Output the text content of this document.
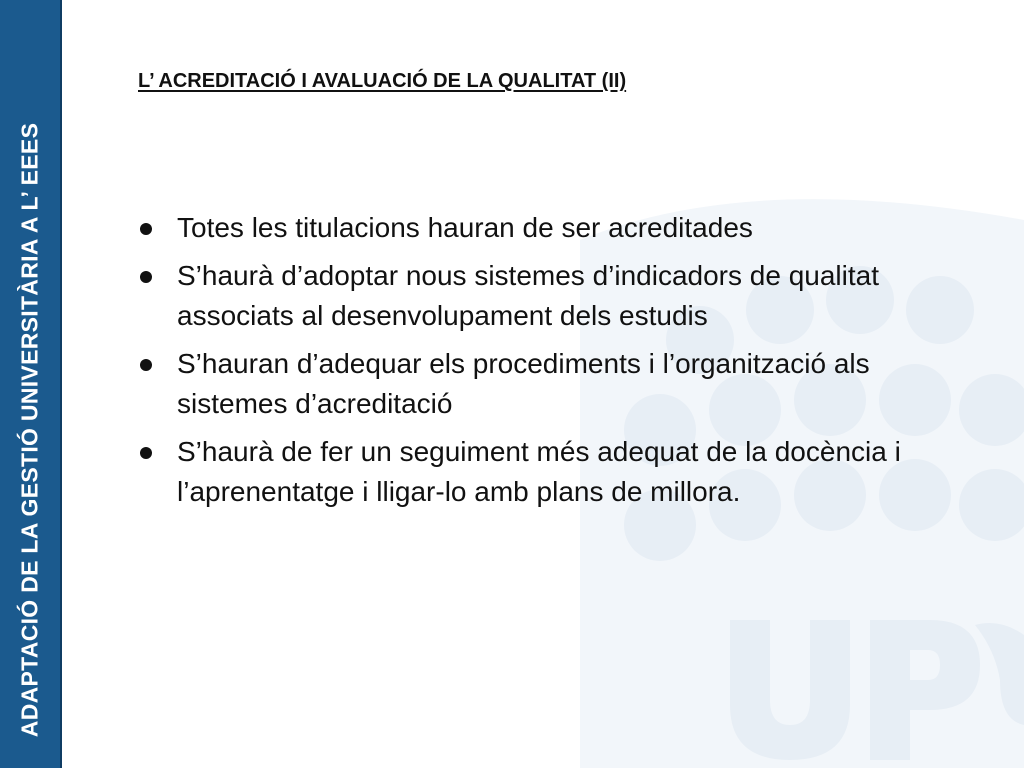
ADAPTACIÓ DE LA GESTIÓ UNIVERSITÀRIA A L’ EEES
L’ ACREDITACIÓ I AVALUACIÓ DE LA QUALITAT (II)
Totes les titulacions hauran de ser acreditades
S’haurà d’adoptar nous sistemes d’indicadors de qualitat associats al desenvolupament dels estudis
S’hauran d’adequar els procediments i l’organització als sistemes d’acreditació
S’haurà de fer un seguiment més adequat de la docència i l’aprenentatge i lligar-lo amb plans de millora.
